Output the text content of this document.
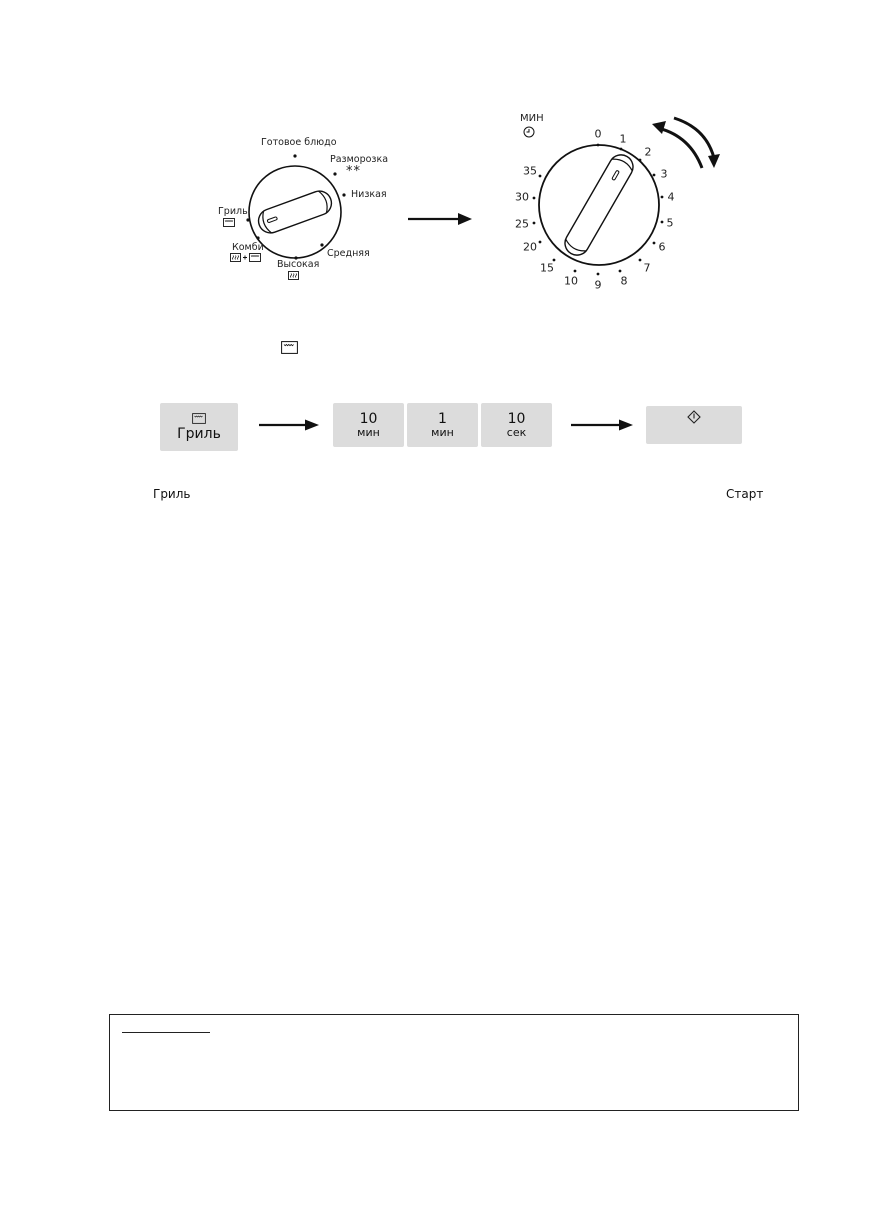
Готовое блюдо
Разморозка
**
Низкая
Средняя
Высокая
Гриль
Комби
МИН
0 1
2
3
4
5
6
7
8
9
10
15
20
25
30
35
Гриль
10
мин
1
мин
10
сек
Гриль	Старт
